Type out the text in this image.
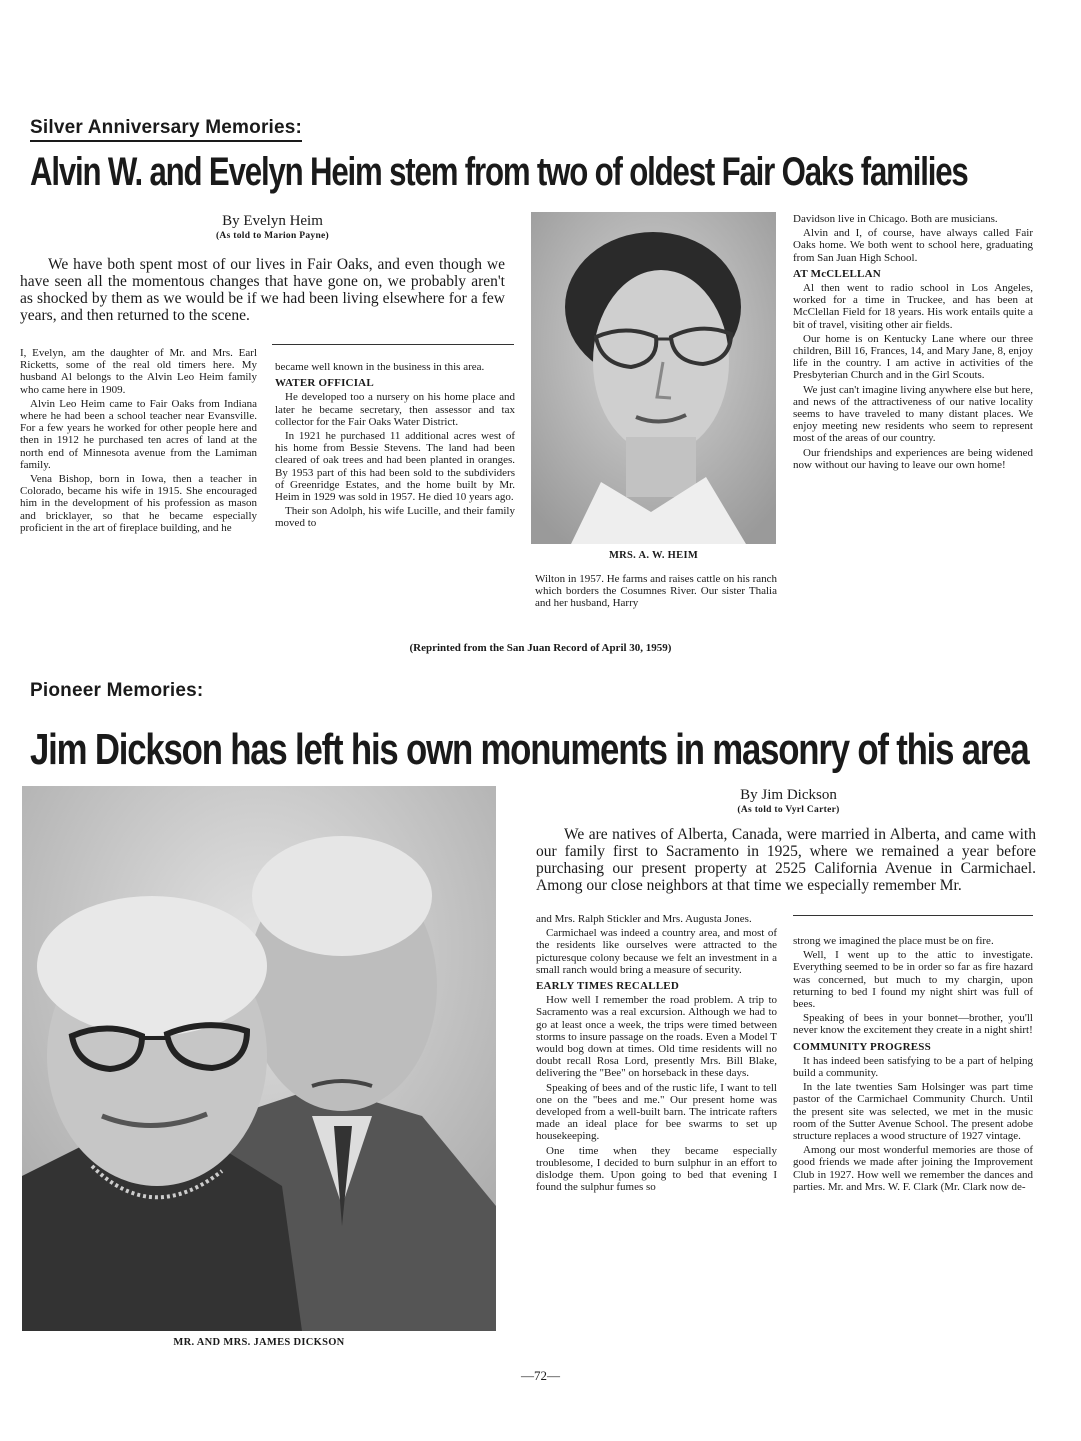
Silver Anniversary Memories:
Alvin W. and Evelyn Heim stem from two of oldest Fair Oaks families
By Evelyn Heim
(As told to Marion Payne)

We have both spent most of our lives in Fair Oaks, and even though we have seen all the momentous changes that have gone on, we probably aren't as shocked by them as we would be if we had been living elsewhere for a few years, and then returned to the scene.

I, Evelyn, am the daughter of Mr. and Mrs. Earl Ricketts, some of the real old timers here. My husband Al belongs to the Alvin Leo Heim family who came here in 1909.

Alvin Leo Heim came to Fair Oaks from Indiana where he had been a school teacher near Evansville. For a few years he worked for other people here and then in 1912 he purchased ten acres of land at the north end of Minnesota avenue from the Lamiman family.

Vena Bishop, born in Iowa, then a teacher in Colorado, became his wife in 1915. She encouraged him in the development of his profession as mason and bricklayer, so that he became especially proficient in the art of fireplace building, and he

became well known in the business in this area.

WATER OFFICIAL

He developed too a nursery on his home place and later he became secretary, then assessor and tax collector for the Fair Oaks Water District.

In 1921 he purchased 11 additional acres west of his home from Bessie Stevens. The land had been cleared of oak trees and had been planted in oranges. By 1953 part of this had been sold to the subdividers of Greenridge Estates, and the home built by Mr. Heim in 1929 was sold in 1957. He died 10 years ago.

Their son Adolph, his wife Lucille, and their family moved to

MRS. A. W. HEIM

Wilton in 1957. He farms and raises cattle on his ranch which borders the Cosumnes River. Our sister Thalia and her husband, Harry

Davidson live in Chicago. Both are musicians.

Alvin and I, of course, have always called Fair Oaks home. We both went to school here, graduating from San Juan High School.

AT McCLELLAN

Al then went to radio school in Los Angeles, worked for a time in Truckee, and has been at McClellan Field for 18 years. His work entails quite a bit of travel, visiting other air fields.

Our home is on Kentucky Lane where our three children, Bill 16, Frances, 14, and Mary Jane, 8, enjoy life in the country. I am active in activities of the Presbyterian Church and in the Girl Scouts.

We just can't imagine living anywhere else but here, and news of the attractiveness of our native locality seems to have traveled to many distant places. We enjoy meeting new residents who seem to represent most of the areas of our country.

Our friendships and experiences are being widened now without our having to leave our own home!

(Reprinted from the San Juan Record of April 30, 1959)
Pioneer Memories:
Jim Dickson has left his own monuments in masonry of this area
MR. AND MRS. JAMES DICKSON
By Jim Dickson
(As told to Vyrl Carter)

We are natives of Alberta, Canada, were married in Alberta, and came with our family first to Sacramento in 1925, where we remained a year before purchasing our present property at 2525 California Avenue in Carmichael. Among our close neighbors at that time we especially remember Mr.

and Mrs. Ralph Stickler and Mrs. Augusta Jones.

Carmichael was indeed a country area, and most of the residents like ourselves were attracted to the picturesque colony because we felt an investment in a small ranch would bring a measure of security.

EARLY TIMES RECALLED

How well I remember the road problem. A trip to Sacramento was a real excursion. Although we had to go at least once a week, the trips were timed between storms to insure passage on the roads. Even a Model T would bog down at times. Old time residents will no doubt recall Rosa Lord, presently Mrs. Bill Blake, delivering the "Bee" on horseback in these days.

Speaking of bees and of the rustic life, I want to tell one on the "bees and me." Our present home was developed from a well-built barn. The intricate rafters made an ideal place for bee swarms to set up housekeeping.

One time when they became especially troublesome, I decided to burn sulphur in an effort to dislodge them. Upon going to bed that evening I found the sulphur fumes so

strong we imagined the place must be on fire.

Well, I went up to the attic to investigate. Everything seemed to be in order so far as fire hazard was concerned, but much to my chargin, upon returning to bed I found my night shirt was full of bees.

Speaking of bees in your bonnet—brother, you'll never know the excitement they create in a night shirt!

COMMUNITY PROGRESS

It has indeed been satisfying to be a part of helping build a community.

In the late twenties Sam Holsinger was part time pastor of the Carmichael Community Church. Until the present site was selected, we met in the music room of the Sutter Avenue School. The present adobe structure replaces a wood structure of 1927 vintage.

Among our most wonderful memories are those of good friends we made after joining the Improvement Club in 1927. How well we remember the dances and parties. Mr. and Mrs. W. F. Clark (Mr. Clark now de-

—72—
